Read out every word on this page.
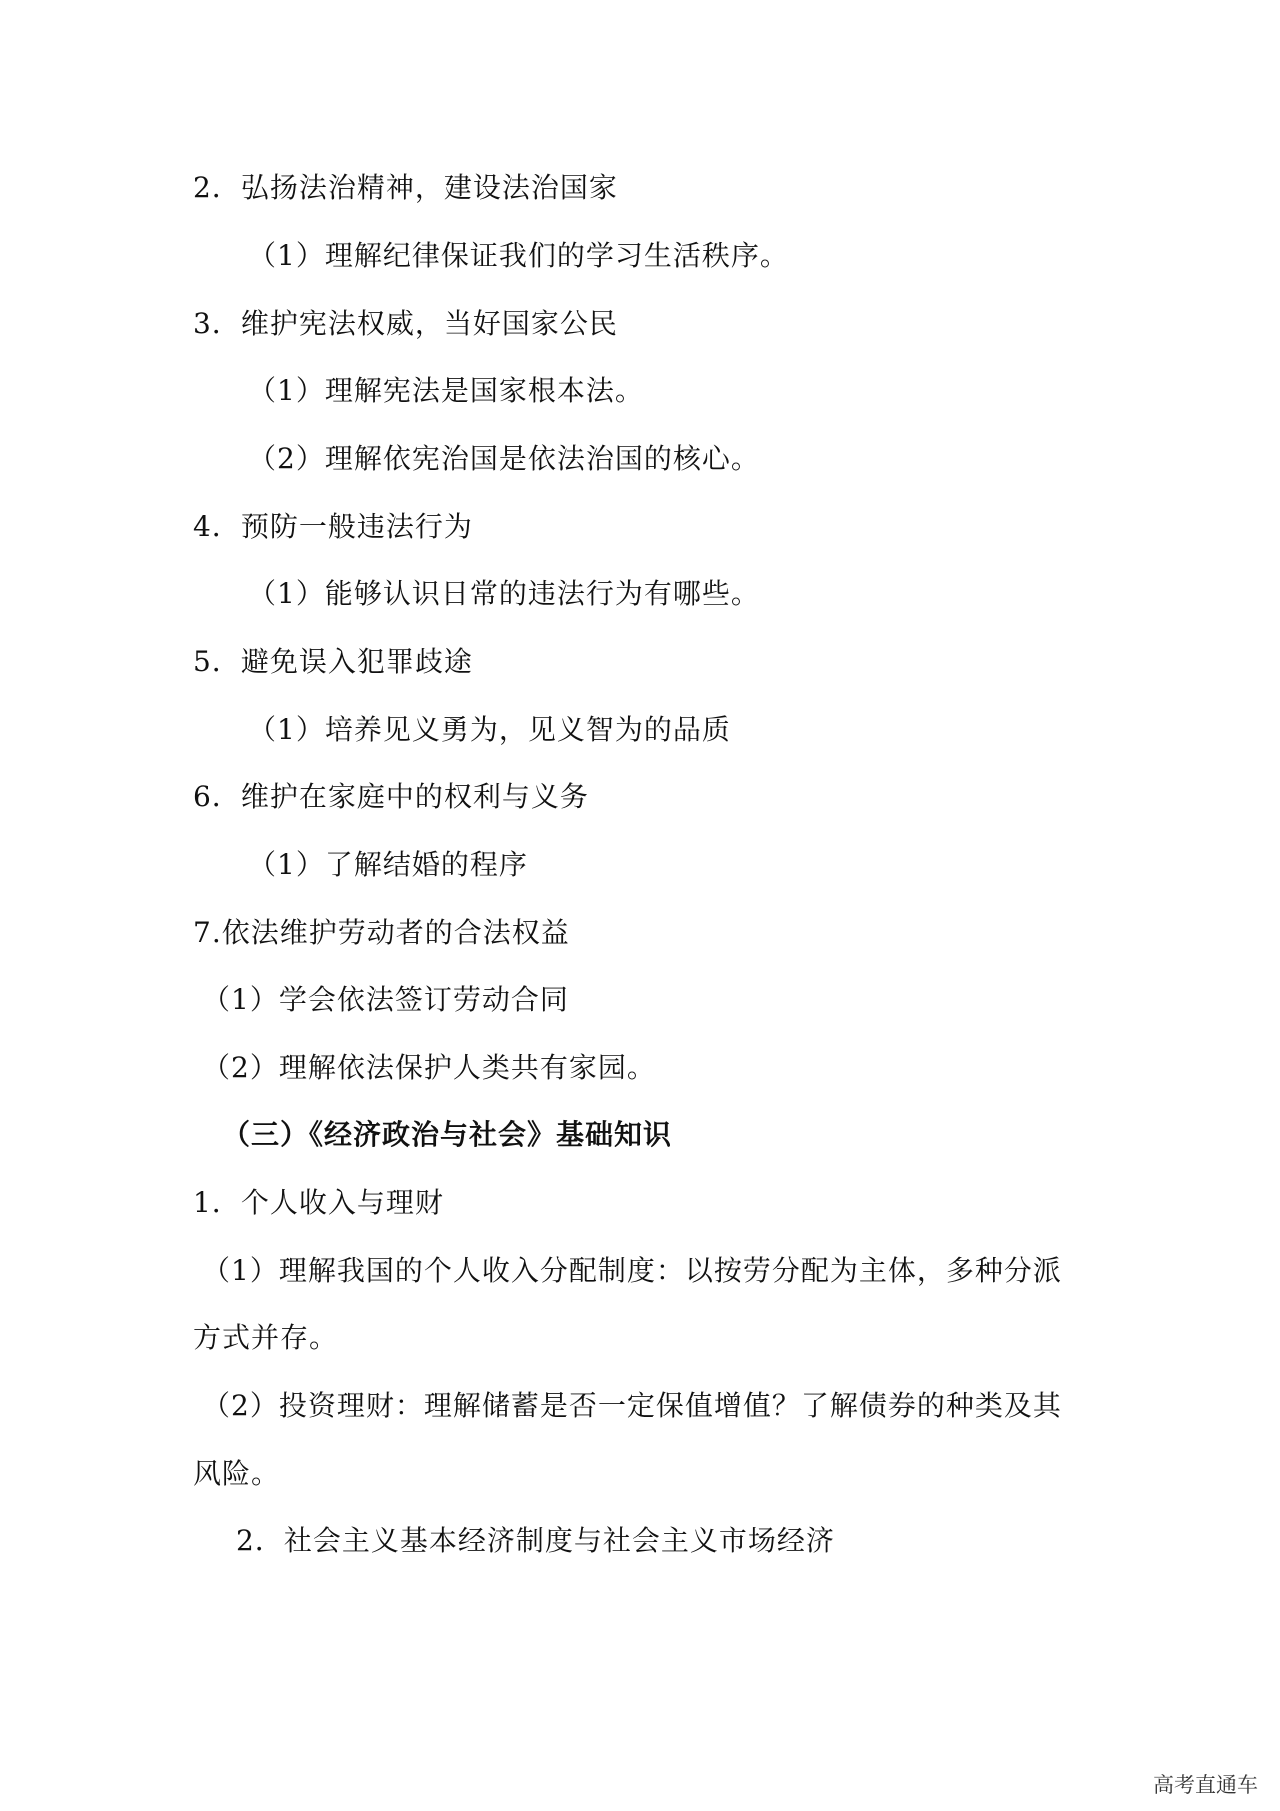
2．弘扬法治精神，建设法治国家

（1）理解纪律保证我们的学习生活秩序。

3．维护宪法权威，当好国家公民

（1）理解宪法是国家根本法。

（2）理解依宪治国是依法治国的核心。

4．预防一般违法行为

（1）能够认识日常的违法行为有哪些。

5．避免误入犯罪歧途

（1）培养见义勇为，见义智为的品质

6．维护在家庭中的权利与义务

（1）了解结婚的程序

7.依法维护劳动者的合法权益

（1）学会依法签订劳动合同

（2）理解依法保护人类共有家园。

（三）《经济政治与社会》基础知识

1．个人收入与理财

（1）理解我国的个人收入分配制度：以按劳分配为主体，多种分派

方式并存。

（2）投资理财：理解储蓄是否一定保值增值？了解债券的种类及其

风险。

2．社会主义基本经济制度与社会主义市场经济

高考直通车
